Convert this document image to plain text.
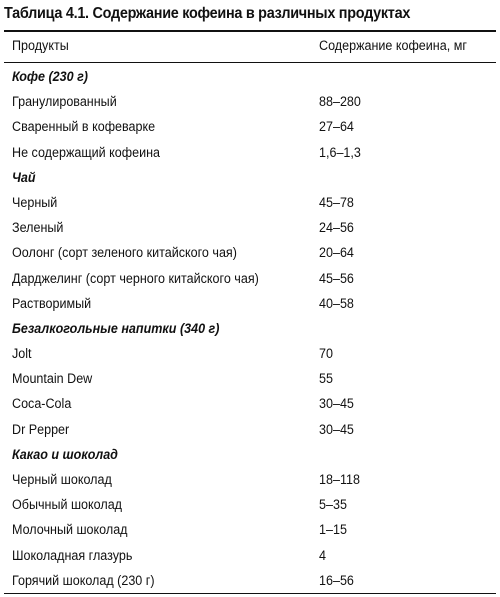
Таблица 4.1. Содержание кофеина в различных продуктах
Продукты	Содержание кофеина, мг
Кофе (230 г)
Гранулированный	88–280
Сваренный в кофеварке	27–64
Не содержащий кофеина	1,6–1,3
Чай
Черный	45–78
Зеленый	24–56
Оолонг (сорт зеленого китайского чая)	20–64
Дарджелинг (сорт черного китайского чая)	45–56
Растворимый	40–58
Безалкогольные напитки (340 г)
Jolt	70
Mountain Dew	55
Coca-Cola	30–45
Dr Pepper	30–45
Какао и шоколад
Черный шоколад	18–118
Обычный шоколад	5–35
Молочный шоколад	1–15
Шоколадная глазурь	4
Горячий шоколад (230 г)	16–56
